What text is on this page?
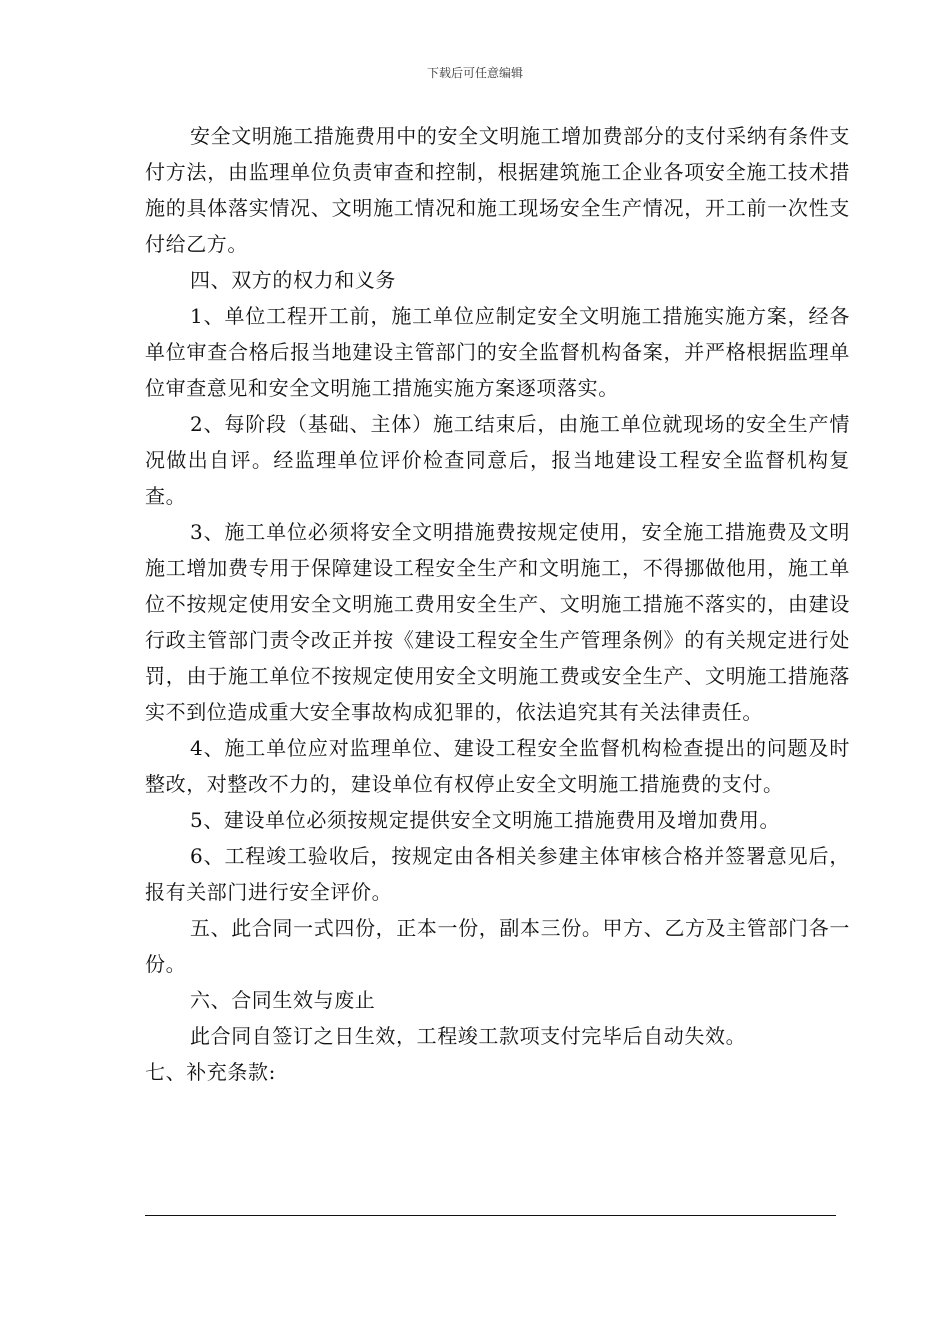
下载后可任意编辑

安全文明施工措施费用中的安全文明施工增加费部分的支付采纳有条件支付方法，由监理单位负责审查和控制，根据建筑施工企业各项安全施工技术措施的具体落实情况、文明施工情况和施工现场安全生产情况，开工前一次性支付给乙方。

四、双方的权力和义务

1、单位工程开工前，施工单位应制定安全文明施工措施实施方案，经各单位审查合格后报当地建设主管部门的安全监督机构备案，并严格根据监理单位审查意见和安全文明施工措施实施方案逐项落实。

2、每阶段（基础、主体）施工结束后，由施工单位就现场的安全生产情况做出自评。经监理单位评价检查同意后，报当地建设工程安全监督机构复查。

3、施工单位必须将安全文明措施费按规定使用，安全施工措施费及文明施工增加费专用于保障建设工程安全生产和文明施工，不得挪做他用，施工单位不按规定使用安全文明施工费用安全生产、文明施工措施不落实的，由建设行政主管部门责令改正并按《建设工程安全生产管理条例》的有关规定进行处罚，由于施工单位不按规定使用安全文明施工费或安全生产、文明施工措施落实不到位造成重大安全事故构成犯罪的，依法追究其有关法律责任。

4、施工单位应对监理单位、建设工程安全监督机构检查提出的问题及时整改，对整改不力的，建设单位有权停止安全文明施工措施费的支付。

5、建设单位必须按规定提供安全文明施工措施费用及增加费用。

6、工程竣工验收后，按规定由各相关参建主体审核合格并签署意见后，报有关部门进行安全评价。

五、此合同一式四份，正本一份，副本三份。甲方、乙方及主管部门各一份。

六、合同生效与废止

此合同自签订之日生效，工程竣工款项支付完毕后自动失效。

七、补充条款:
